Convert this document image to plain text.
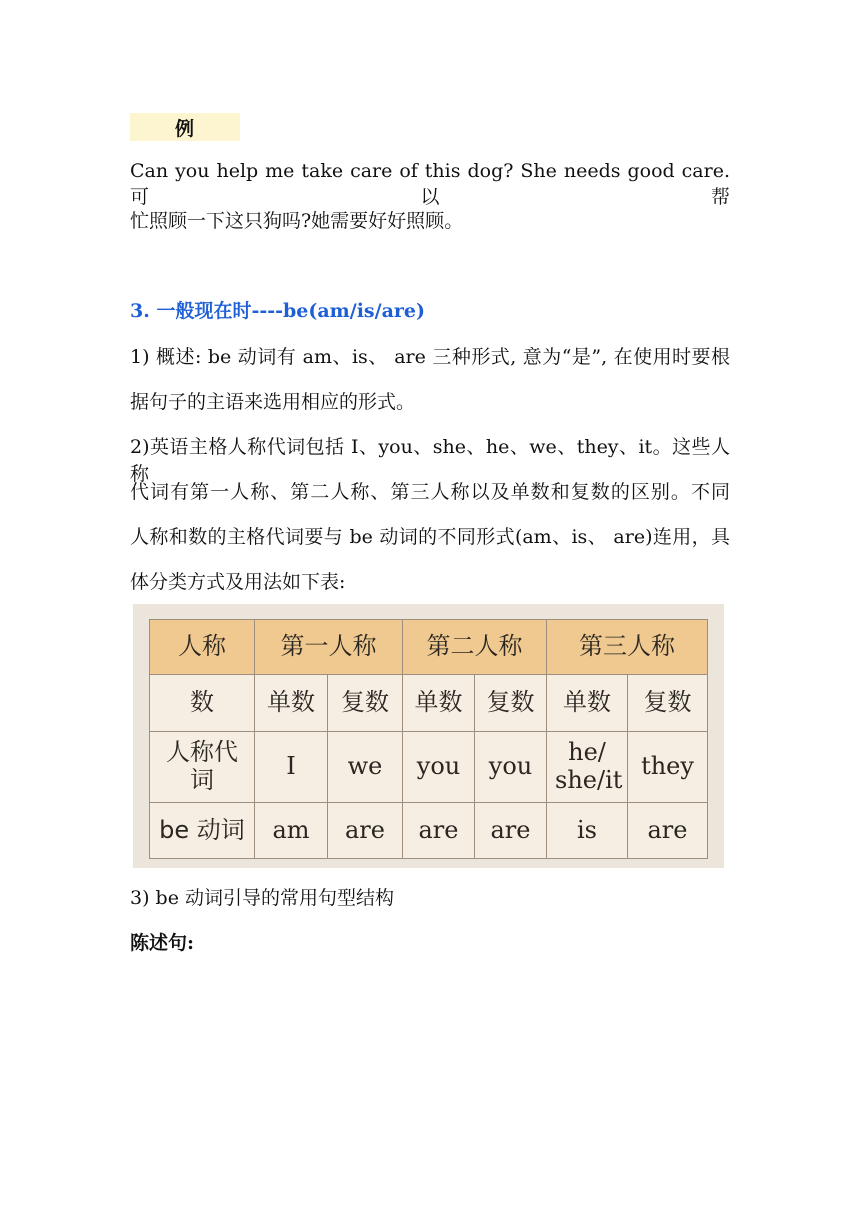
例
Can you help me take care of this dog? She needs good care. 可以帮
忙照顾一下这只狗吗?她需要好好照顾。
3. 一般现在时----be(am/is/are)
1) 概述: be 动词有 am、is、 are 三种形式, 意为“是”, 在使用时要根
据句子的主语来选用相应的形式。
2)英语主格人称代词包括 I、you、she、he、we、they、it。这些人称
代词有第一人称、第二人称、第三人称以及单数和复数的区别。不同
人称和数的主格代词要与 be 动词的不同形式(am、is、 are)连用，具
体分类方式及用法如下表:
人称	第一人称		第二人称		第三人称	
数	单数	复数	单数	复数	单数	复数
人称代词	I	we	you	you	he/ she/it	they
be 动词	am	are	are	are	is	are
3) be 动词引导的常用句型结构
陈述句:
